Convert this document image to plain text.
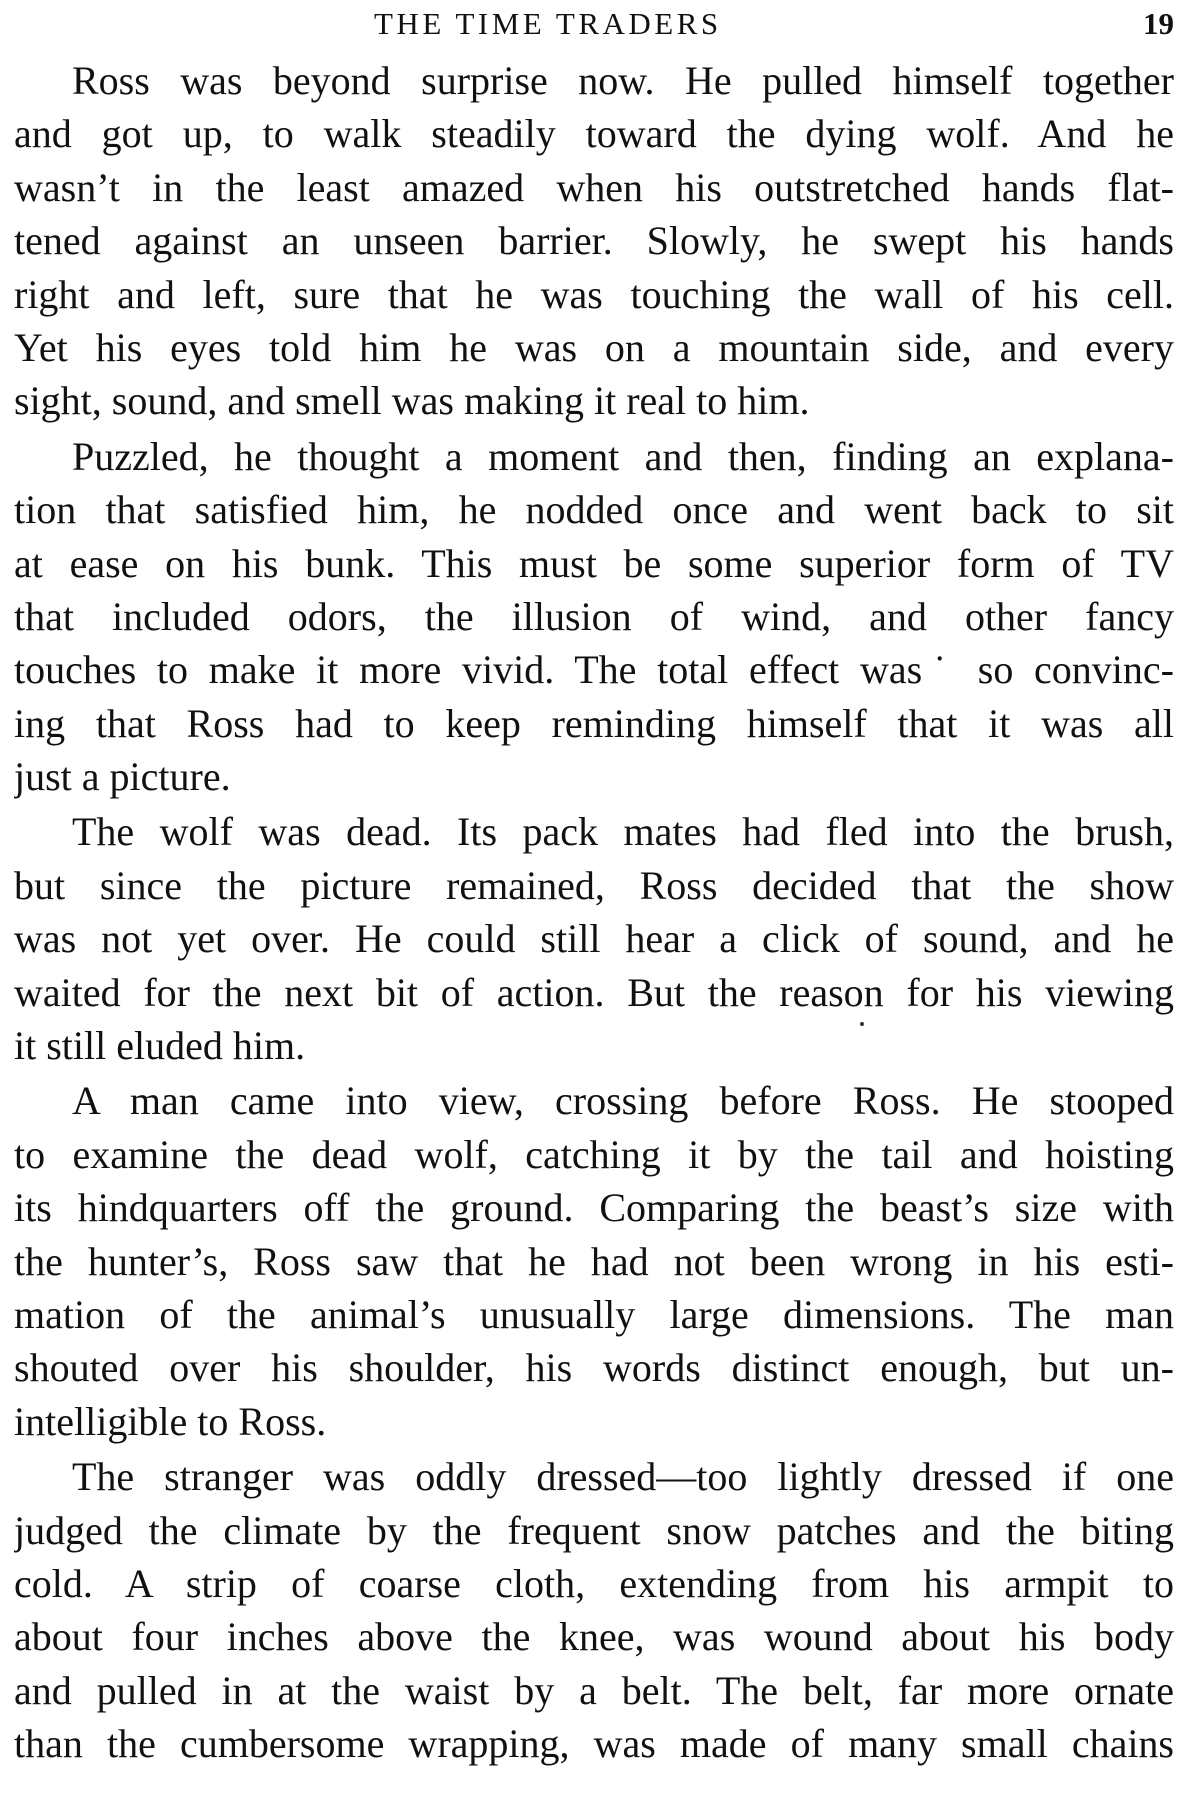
THE TIME TRADERS	19
Ross was beyond surprise now. He pulled himself together
and got up, to walk steadily toward the dying wolf. And he
wasn’t in the least amazed when his outstretched hands flat-
tened against an unseen barrier. Slowly, he swept his hands
right and left, sure that he was touching the wall of his cell.
Yet his eyes told him he was on a mountain side, and every
sight, sound, and smell was making it real to him.
Puzzled, he thought a moment and then, finding an explana-
tion that satisfied him, he nodded once and went back to sit
at ease on his bunk. This must be some superior form of TV
that included odors, the illusion of wind, and other fancy
touches to make it more vivid. The total effect was˙ so convinc-
ing that Ross had to keep reminding himself that it was all
just a picture.
The wolf was dead. Its pack mates had fled into the brush,
but since the picture remained, Ross decided that the show
was not yet over. He could still hear a click of sound, and he
waited for the next bit of action. But the reason for his viewing
it still eluded him.
A man came into view, crossing before Ross. He stooped
to examine the dead wolf, catching it by the tail and hoisting
its hindquarters off the ground. Comparing the beast’s size with
the hunter’s, Ross saw that he had not been wrong in his esti-
mation of the animal’s unusually large dimensions. The man
shouted over his shoulder, his words distinct enough, but un-
intelligible to Ross.
The stranger was oddly dressed—too lightly dressed if one
judged the climate by the frequent snow patches and the biting
cold. A strip of coarse cloth, extending from his armpit to
about four inches above the knee, was wound about his body
and pulled in at the waist by a belt. The belt, far more ornate
than the cumbersome wrapping, was made of many small chains
